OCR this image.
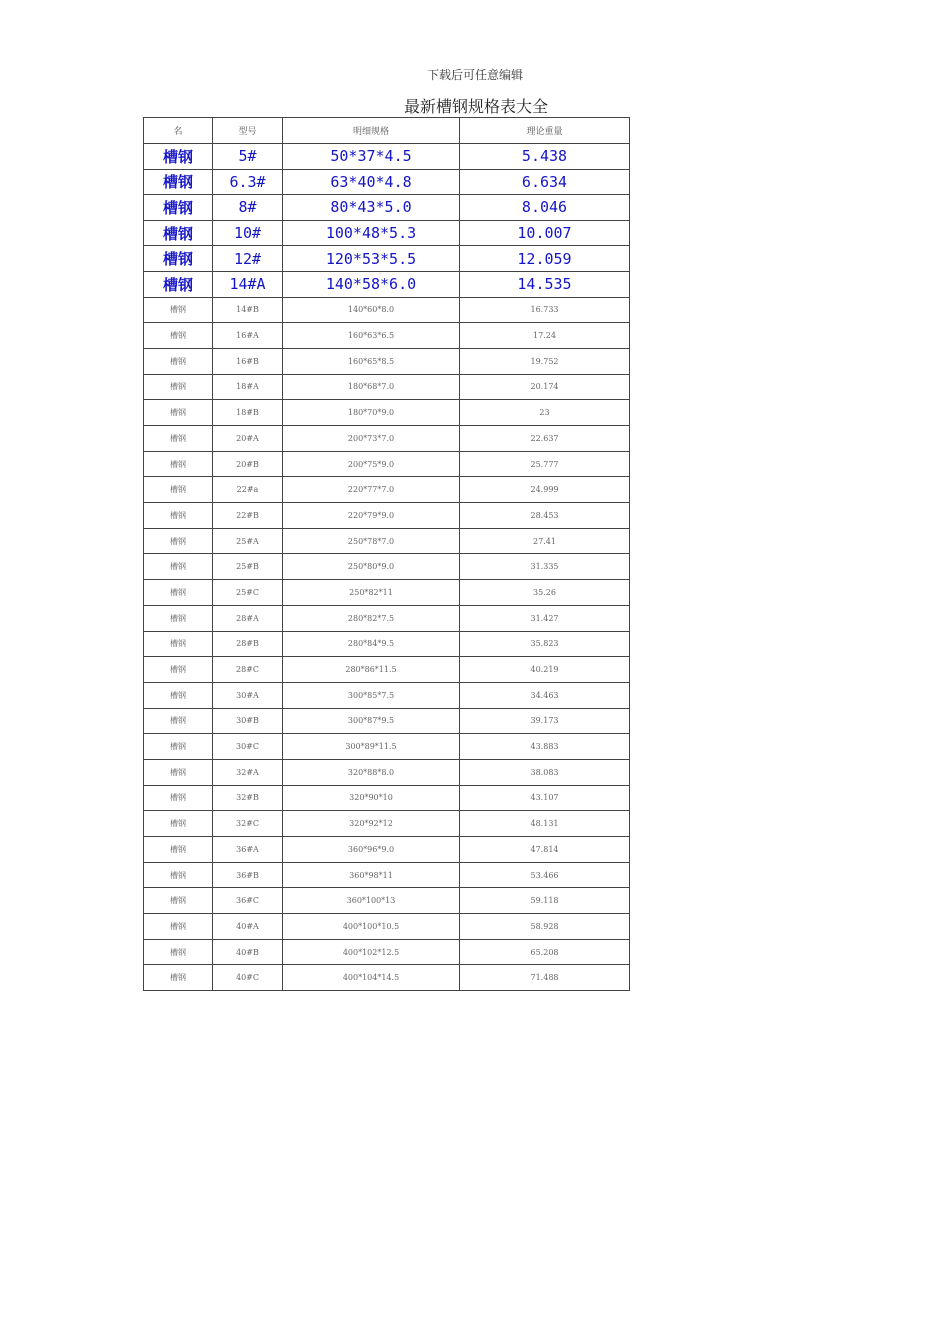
下载后可任意编辑
最新槽钢规格表大全
名	型号	明细规格	理论重量
槽钢	5#	50*37*4.5	5.438
槽钢	6.3#	63*40*4.8	6.634
槽钢	8#	80*43*5.0	8.046
槽钢	10#	100*48*5.3	10.007
槽钢	12#	120*53*5.5	12.059
槽钢	14#A	140*58*6.0	14.535
槽钢	14#B	140*60*8.0	16.733
槽钢	16#A	160*63*6.5	17.24
槽钢	16#B	160*65*8.5	19.752
槽钢	18#A	180*68*7.0	20.174
槽钢	18#B	180*70*9.0	23
槽钢	20#A	200*73*7.0	22.637
槽钢	20#B	200*75*9.0	25.777
槽钢	22#a	220*77*7.0	24.999
槽钢	22#B	220*79*9.0	28.453
槽钢	25#A	250*78*7.0	27.41
槽钢	25#B	250*80*9.0	31.335
槽钢	25#C	250*82*11	35.26
槽钢	28#A	280*82*7.5	31.427
槽钢	28#B	280*84*9.5	35.823
槽钢	28#C	280*86*11.5	40.219
槽钢	30#A	300*85*7.5	34.463
槽钢	30#B	300*87*9.5	39.173
槽钢	30#C	300*89*11.5	43.883
槽钢	32#A	320*88*8.0	38.083
槽钢	32#B	320*90*10	43.107
槽钢	32#C	320*92*12	48.131
槽钢	36#A	360*96*9.0	47.814
槽钢	36#B	360*98*11	53.466
槽钢	36#C	360*100*13	59.118
槽钢	40#A	400*100*10.5	58.928
槽钢	40#B	400*102*12.5	65.208
槽钢	40#C	400*104*14.5	71.488
